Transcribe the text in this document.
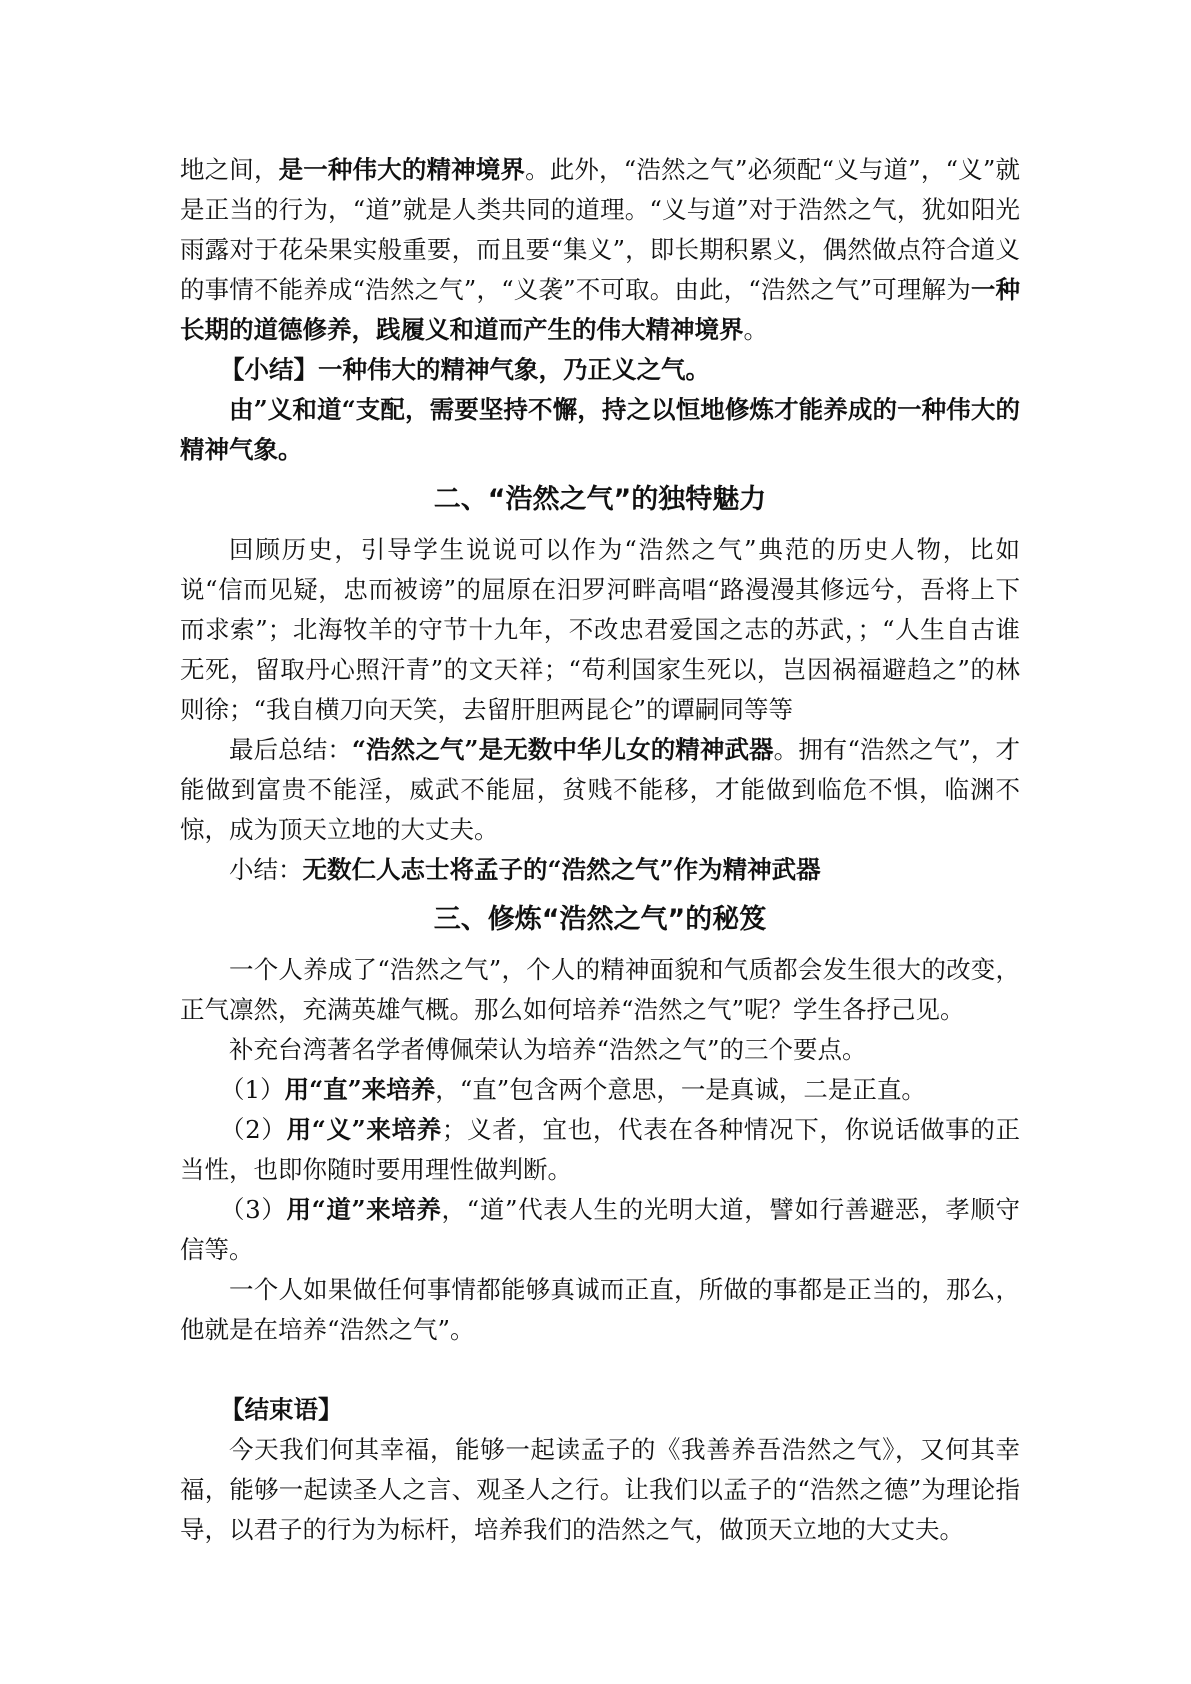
地之间，是一种伟大的精神境界。此外，“浩然之气”必须配“义与道”，“义”就是正当的行为，“道”就是人类共同的道理。“义与道”对于浩然之气，犹如阳光雨露对于花朵果实般重要，而且要“集义”，即长期积累义，偶然做点符合道义的事情不能养成“浩然之气”，“义袭”不可取。由此，“浩然之气”可理解为一种长期的道德修养，践履义和道而产生的伟大精神境界。

【小结】一种伟大的精神气象，乃正义之气。

由”义和道“支配，需要坚持不懈，持之以恒地修炼才能养成的一种伟大的精神气象。

二、“浩然之气”的独特魅力

回顾历史，引导学生说说可以作为“浩然之气”典范的历史人物，比如说“信而见疑，忠而被谤”的屈原在汨罗河畔高唱“路漫漫其修远兮，吾将上下而求索”；北海牧羊的守节十九年，不改忠君爱国之志的苏武，；“人生自古谁无死，留取丹心照汗青”的文天祥；“苟利国家生死以，岂因祸福避趋之”的林则徐；“我自横刀向天笑，去留肝胆两昆仑”的谭嗣同等等

最后总结：“浩然之气”是无数中华儿女的精神武器。拥有“浩然之气”，才能做到富贵不能淫，威武不能屈，贫贱不能移，才能做到临危不惧，临渊不惊，成为顶天立地的大丈夫。

小结：无数仁人志士将孟子的“浩然之气”作为精神武器

三、修炼“浩然之气”的秘笈

一个人养成了“浩然之气”，个人的精神面貌和气质都会发生很大的改变，正气凛然，充满英雄气概。那么如何培养“浩然之气”呢？学生各抒己见。

补充台湾著名学者傅佩荣认为培养“浩然之气”的三个要点。

（1）用“直”来培养，“直”包含两个意思，一是真诚，二是正直。

（2）用“义”来培养；义者，宜也，代表在各种情况下，你说话做事的正当性，也即你随时要用理性做判断。

（3）用“道”来培养，“道”代表人生的光明大道，譬如行善避恶，孝顺守信等。

一个人如果做任何事情都能够真诚而正直，所做的事都是正当的，那么，他就是在培养“浩然之气”。

【结束语】

今天我们何其幸福，能够一起读孟子的《我善养吾浩然之气》，又何其幸福，能够一起读圣人之言、观圣人之行。让我们以孟子的“浩然之德”为理论指导，以君子的行为为标杆，培养我们的浩然之气，做顶天立地的大丈夫。
